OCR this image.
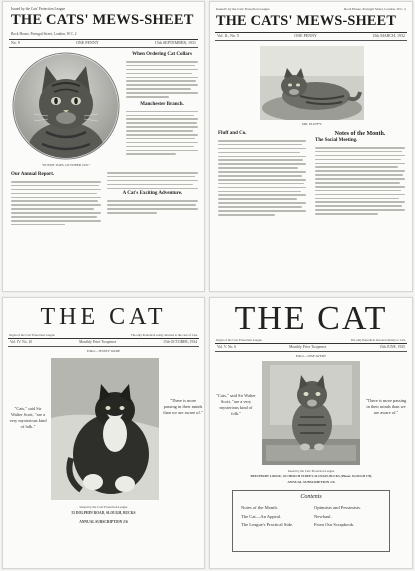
Issued by the Cats' Protection League
THE CATS' MEWS-SHEET
Rock House, Portugal Street, London, W.C. 2
No. 9	ONE PENNY	15th SEPTEMBER, 1931
"PUSSIE TOPS, OCTOBER 1931"
When Ordering Cat Collars
Manchester Branch.
Our Annual Report.
A Cat's Exciting Adventure.
Issued b by the Cats' Protection League	Rock House, Portugal Street, London, W.C. 2
THE CATS' MEWS-SHEET
Vol. II., No. 5	ONE PENNY	15th MARCH, 1932
MR. PLUFFY.
Fluff and Co.	Notes of the Month.
The Social Meeting.
THE CAT
Organ of the Cats' Protection League	The only Periodical solely devoted to the care of Cats.
Vol. IV. No. 10	Monthly Price Twopence	15th OCTOBER, 1934
Editor—JESSEY WADE
"Cats," said Sir Walter Scott, "are a very mysterious kind of folk."
"There is more passing in their minds than we are aware of."
Issued by the Cats' Protection League
55 DOLPHIN ROAD, SLOUGH, BUCKS
ANNUAL SUBSCRIPTION 2/6
THE CAT
Organ of the Cats' Protection League	The only Periodical devoted entirely to Cats.
Vol. V. No. 6	Monthly Price Twopence	15th JUNE, 1935
Editor—JOSE AVERY
"Cats," said Sir Walter Scott, "are a very mysterious kind of folk."
"There is more passing in their minds than we are aware of."
Issued by the Cats' Protection League
PRESTBURY LODGE, 18 CHURCH STREET, SLOUGH, BUCKS (Phone: SLOUGH 178)
ANNUAL SUBSCRIPTION 2/6
Contents
Notes of the Month.	Optimists and Pessimists.
The Cat—An Appeal.	Newhaul.
The League's Practical Side.	From Our Scrapbook.
